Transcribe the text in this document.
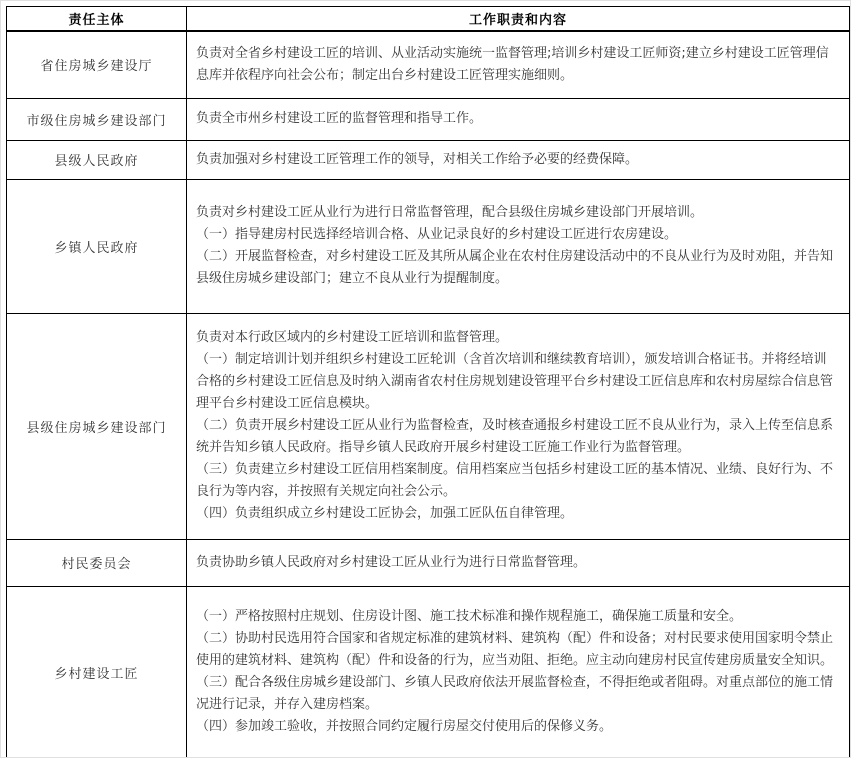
责任主体	工作职责和内容
省住房城乡建设厅	负责对全省乡村建设工匠的培训、从业活动实施统一监督管理;培训乡村建设工匠师资;建立乡村建设工匠管理信息库并依程序向社会公布；制定出台乡村建设工匠管理实施细则。

市级住房城乡建设部门	负责全市州乡村建设工匠的监督管理和指导工作。

县级人民政府	负责加强对乡村建设工匠管理工作的领导，对相关工作给予必要的经费保障。

乡镇人民政府	负责对乡村建设工匠从业行为进行日常监督管理，配合县级住房城乡建设部门开展培训。
（一）指导建房村民选择经培训合格、从业记录良好的乡村建设工匠进行农房建设。
（二）开展监督检查，对乡村建设工匠及其所从属企业在农村住房建设活动中的不良从业行为及时劝阻，并告知县级住房城乡建设部门；建立不良从业行为提醒制度。

县级住房城乡建设部门	负责对本行政区域内的乡村建设工匠培训和监督管理。
（一）制定培训计划并组织乡村建设工匠轮训（含首次培训和继续教育培训），颁发培训合格证书。并将经培训合格的乡村建设工匠信息及时纳入湖南省农村住房规划建设管理平台乡村建设工匠信息库和农村房屋综合信息管理平台乡村建设工匠信息模块。
（二）负责开展乡村建设工匠从业行为监督检查，及时核查通报乡村建设工匠不良从业行为，录入上传至信息系统并告知乡镇人民政府。指导乡镇人民政府开展乡村建设工匠施工作业行为监督管理。
（三）负责建立乡村建设工匠信用档案制度。信用档案应当包括乡村建设工匠的基本情况、业绩、良好行为、不良行为等内容，并按照有关规定向社会公示。
（四）负责组织成立乡村建设工匠协会，加强工匠队伍自律管理。

村民委员会	负责协助乡镇人民政府对乡村建设工匠从业行为进行日常监督管理。

乡村建设工匠	（一）严格按照村庄规划、住房设计图、施工技术标准和操作规程施工，确保施工质量和安全。
（二）协助村民选用符合国家和省规定标准的建筑材料、建筑构（配）件和设备；对村民要求使用国家明令禁止使用的建筑材料、建筑构（配）件和设备的行为，应当劝阻、拒绝。应主动向建房村民宣传建房质量安全知识。
（三）配合各级住房城乡建设部门、乡镇人民政府依法开展监督检查，不得拒绝或者阻碍。对重点部位的施工情况进行记录，并存入建房档案。
（四）参加竣工验收，并按照合同约定履行房屋交付使用后的保修义务。
